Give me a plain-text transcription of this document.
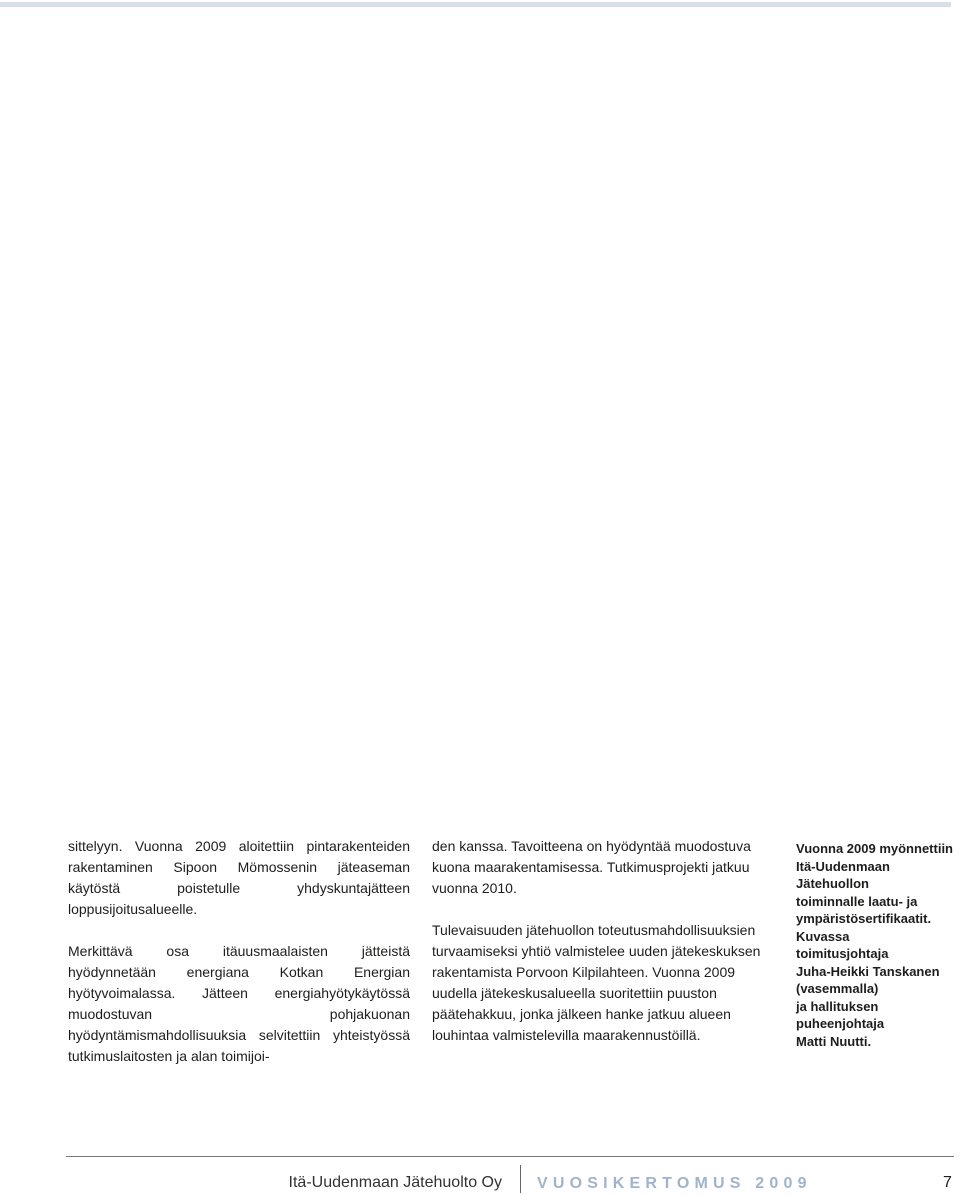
sittelyyn. Vuonna 2009 aloitettiin pintarakenteiden rakentaminen Sipoon Mömossenin jäteaseman käytöstä poistetulle yhdyskuntajätteen loppusijoitusalueelle.

Merkittävä osa itäuusmaalaisten jätteistä hyödynnetään energiana Kotkan Energian hyötyvoimalassa. Jätteen energiahyötykäytössä muodostuvan pohjakuonan hyödyntämismahdollisuuksia selvitettiin yhteistyössä tutkimuslaitosten ja alan toimijoi-

den kanssa. Tavoitteena on hyödyntää muodostuva kuona maarakentamisessa. Tutkimusprojekti jatkuu vuonna 2010.

Tulevaisuuden jätehuollon toteutusmahdollisuuksien turvaamiseksi yhtiö valmistelee uuden jätekeskuksen rakentamista Porvoon Kilpilahteen. Vuonna 2009 uudella jätekeskusalueella suoritettiin puuston päätehakkuu, jonka jälkeen hanke jatkuu alueen louhintaa valmistelevilla maarakennustöillä.

Vuonna 2009 myönnettiin
Itä-Uudenmaan
Jätehuollon
toiminnalle laatu- ja
ympäristösertifikaatit.
Kuvassa
toimitusjohtaja
Juha-Heikki Tanskanen
(vasemmalla)
ja hallituksen
puheenjohtaja
Matti Nuutti.
Itä-Uudenmaan Jätehuolto Oy VUOSIKERTOMUS 2009	7
